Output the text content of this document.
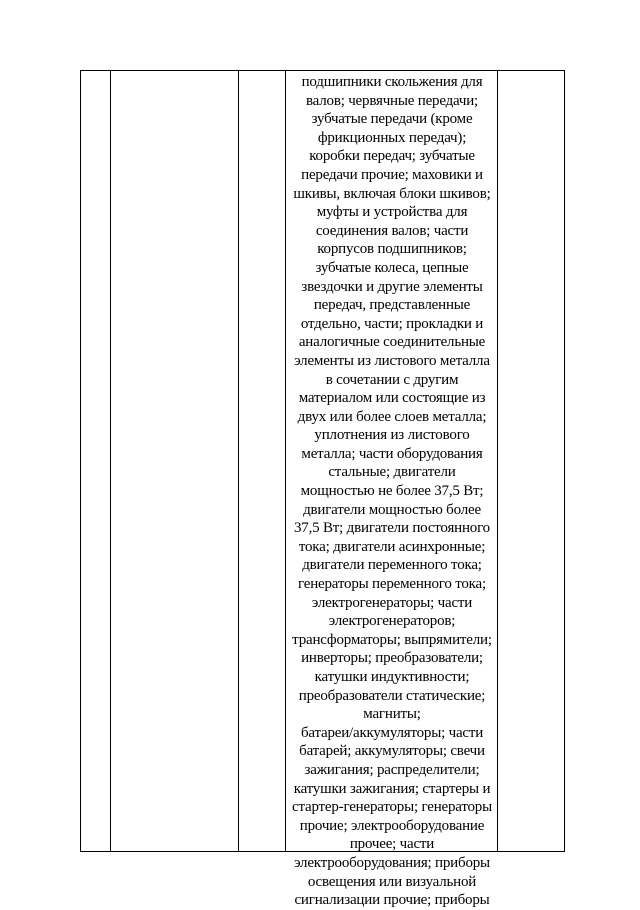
подшипники скольжения для
валов; червячные передачи;
зубчатые передачи (кроме
фрикционных передач);
коробки передач; зубчатые
передачи прочие; маховики и
шкивы, включая блоки шкивов;
муфты и устройства для
соединения валов; части
корпусов подшипников;
зубчатые колеса, цепные
звездочки и другие элементы
передач, представленные
отдельно, части; прокладки и
аналогичные соединительные
элементы из листового металла
в сочетании с другим
материалом или состоящие из
двух или более слоев металла;
уплотнения из листового
металла; части оборудования
стальные; двигатели
мощностью не более 37,5 Вт;
двигатели мощностью более
37,5 Вт; двигатели постоянного
тока; двигатели асинхронные;
двигатели переменного тока;
генераторы переменного тока;
электрогенераторы; части
электрогенераторов;
трансформаторы; выпрямители;
инверторы; преобразователи;
катушки индуктивности;
преобразователи статические;
магниты;
батареи/аккумуляторы; части
батарей; аккумуляторы; свечи
зажигания; распределители;
катушки зажигания; стартеры и
стартер-генераторы; генераторы
прочие; электрооборудование
прочее; части
электрооборудования; приборы
освещения или визуальной
сигнализации прочие; приборы
